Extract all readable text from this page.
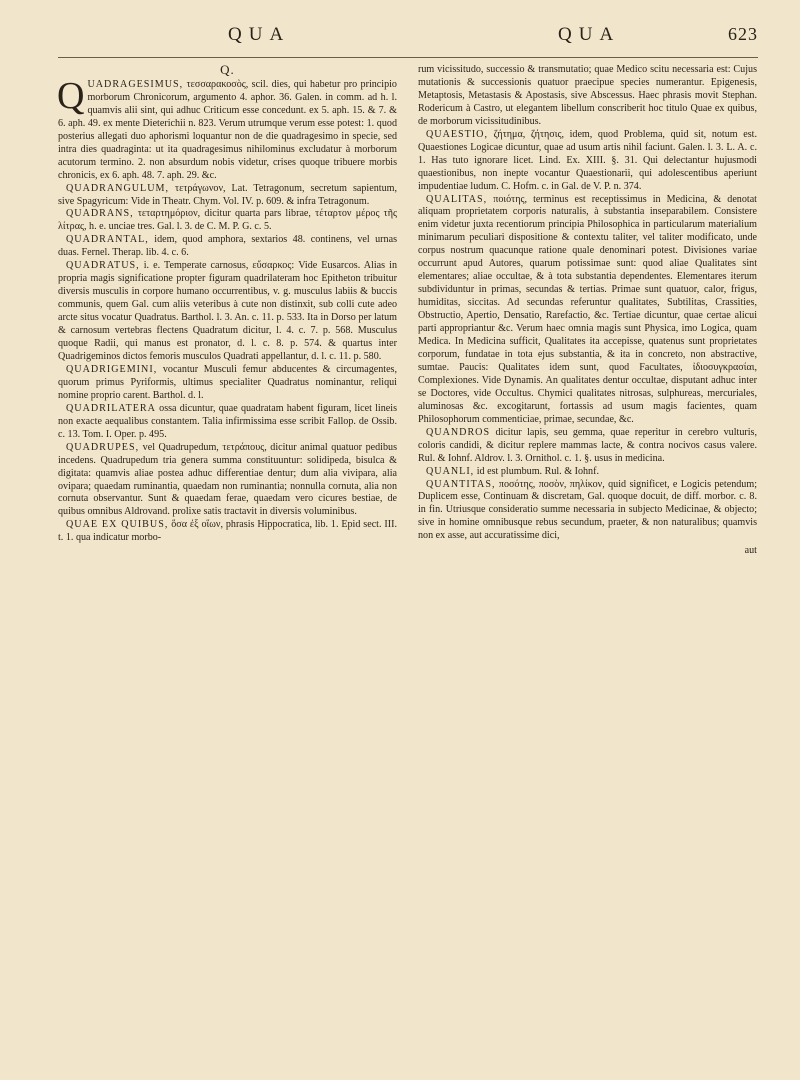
QUA	QUA	623
Q.

QUADRAGESIMUS, τεσσαρακοσὸς, scil. dies, qui habetur pro principio morborum Chronicorum, argumento 4. aphor. 36. Galen. in comm. ad h. l. quamvis alii sint, qui adhuc Criticum esse concedunt. ex 5. aph. 15. & 7. & 6. aph. 49. ex mente Dieterichii n. 823. Verum utrumque verum esse potest: 1. quod posterius allegati duo aphorismi loquantur non de die quadragesimo in specie, sed intra dies quadraginta: ut ita quadragesimus nihilominus excludatur à morborum acutorum termino. 2. non absurdum nobis videtur, crises quoque tribuere morbis chronicis, ex 6. aph. 48. 7. aph. 29. &c.

QUADRANGULUM, τετράγωνον, Lat. Tetragonum, secretum sapientum, sive Spagyricum: Vide in Theatr. Chym. Vol. IV. p. 609. & infra Tetragonum.

QUADRANS, τεταρτημόριον, dicitur quarta pars librae, τέταρτον μέρος τῆς λίτρας, h. e. unciae tres. Gal. l. 3. de C. M. P. G. c. 5.

QUADRANTAL, idem, quod amphora, sextarios 48. continens, vel urnas duas. Fernel. Therap. lib. 4. c. 6.

QUADRATUS, i. e. Temperate carnosus, εὔσαρκος: Vide Eusarcos. Alias in propria magis significatione propter figuram quadrilateram hoc Epitheton tribuitur diversis musculis in corpore humano occurrentibus, v. g. musculus labiis & buccis communis, quem Gal. cum aliis veteribus à cute non distinxit, sub colli cute adeo arcte situs vocatur Quadratus. Barthol. l. 3. An. c. 11. p. 533. Ita in Dorso per latum & carnosum vertebras flectens Quadratum dicitur, l. 4. c. 7. p. 568. Musculus quoque Radii, qui manus est pronator, d. l. c. 8. p. 574. & quartus inter Quadrigeminos dictos femoris musculos Quadrati appellantur, d. l. c. 11. p. 580.

QUADRIGEMINI, vocantur Musculi femur abducentes & circumagentes, quorum primus Pyriformis, ultimus specialiter Quadratus nominantur, reliqui nomine proprio carent. Barthol. d. l.

QUADRILATERA ossa dicuntur, quae quadratam habent figuram, licet lineis non exacte aequalibus constantem. Talia infirmissima esse scribit Fallop. de Ossib. c. 13. Tom. I. Oper. p. 495.

QUADRUPES, vel Quadrupedum, τετράπους, dicitur animal quatuor pedibus incedens. Quadrupedum tria genera summa constituuntur: solidipeda, bisulca & digitata: quamvis aliae postea adhuc differentiae dentur; dum alia vivipara, alia ovipara; quaedam ruminantia, quaedam non ruminantia; nonnulla cornuta, alia non cornuta observantur. Sunt & quaedam ferae, quaedam vero cicures bestiae, de quibus omnibus Aldrovand. prolixe satis tractavit in diversis voluminibus.

QUAE EX QUIBUS, ὅσα ἐξ οἵων, phrasis Hippocratica, lib. 1. Epid sect. III. t. 1. qua indicatur morbo-

rum vicissitudo, successio & transmutatio; quae Medico scitu necessaria est: Cujus mutationis & successionis quatuor praecipue species numerantur. Epigenesis, Metaptosis, Metastasis & Apostasis, sive Abscessus. Haec phrasis movit Stephan. Rodericum à Castro, ut elegantem libellum conscriberit hoc titulo Quae ex quibus, de morborum vicissitudinibus.

QUAESTIO, ζήτημα, ζήτησις, idem, quod Problema, quid sit, notum est. Quaestiones Logicae dicuntur, quae ad usum artis nihil faciunt. Galen. l. 3. L. A. c. 1. Has tuto ignorare licet. Lind. Ex. XIII. §. 31. Qui delectantur hujusmodi quaestionibus, non inepte vocantur Quaestionarii, qui adolescentibus aperiunt impudentiae ludum. C. Hofm. c. in Gal. de V. P. n. 374.

QUALITAS, ποιότης, terminus est receptissimus in Medicina, & denotat aliquam proprietatem corporis naturalis, à substantia inseparabilem. Consistere enim videtur juxta recentiorum principia Philosophica in particularum materialium minimarum peculiari dispositione & contextu taliter, vel taliter modificato, unde corpus nostrum quacunque ratione quale denominari potest. Divisiones variae occurrunt apud Autores, quarum potissimae sunt: quod aliae Qualitates sint elementares; aliae occultae, & à tota substantia dependentes. Elementares iterum subdividuntur in primas, secundas & tertias. Primae sunt quatuor, calor, frigus, humiditas, siccitas. Ad secundas referuntur qualitates, Subtilitas, Crassities, Obstructio, Apertio, Densatio, Rarefactio, &c. Tertiae dicuntur, quae certae alicui parti appropriantur &c. Verum haec omnia magis sunt Physica, imo Logica, quam Medica. In Medicina sufficit, Qualitates ita accepisse, quatenus sunt proprietates corporum, fundatae in tota ejus substantia, & ita in concreto, non abstractive, sumtae. Paucis: Qualitates idem sunt, quod Facultates, ἰδιοσυγκρασίαι, Complexiones. Vide Dynamis. An qualitates dentur occultae, disputant adhuc inter se Doctores, vide Occultus. Chymici qualitates nitrosas, sulphureas, mercuriales, aluminosas &c. excogitarunt, fortassis ad usum magis facientes, quam Philosophorum commenticiae, primae, secundae, &c.

QUANDROS dicitur lapis, seu gemma, quae reperitur in cerebro vulturis, coloris candidi, & dicitur replere mammas lacte, & contra nocivos casus valere. Rul. & Iohnf. Aldrov. l. 3. Ornithol. c. 1. §. usus in medicina.

QUANLI, id est plumbum. Rul. & Iohnf.

QUANTITAS, ποσότης, ποσὸν, πηλίκον, quid significet, e Logicis petendum; Duplicem esse, Continuam & discretam, Gal. quoque docuit, de diff. morbor. c. 8. in fin. Utriusque consideratio summe necessaria in subjecto Medicinae, & objecto; sive in homine omnibusque rebus secundum, praeter, & non naturalibus; quamvis non ex asse, aut accuratissime dici,

aut
